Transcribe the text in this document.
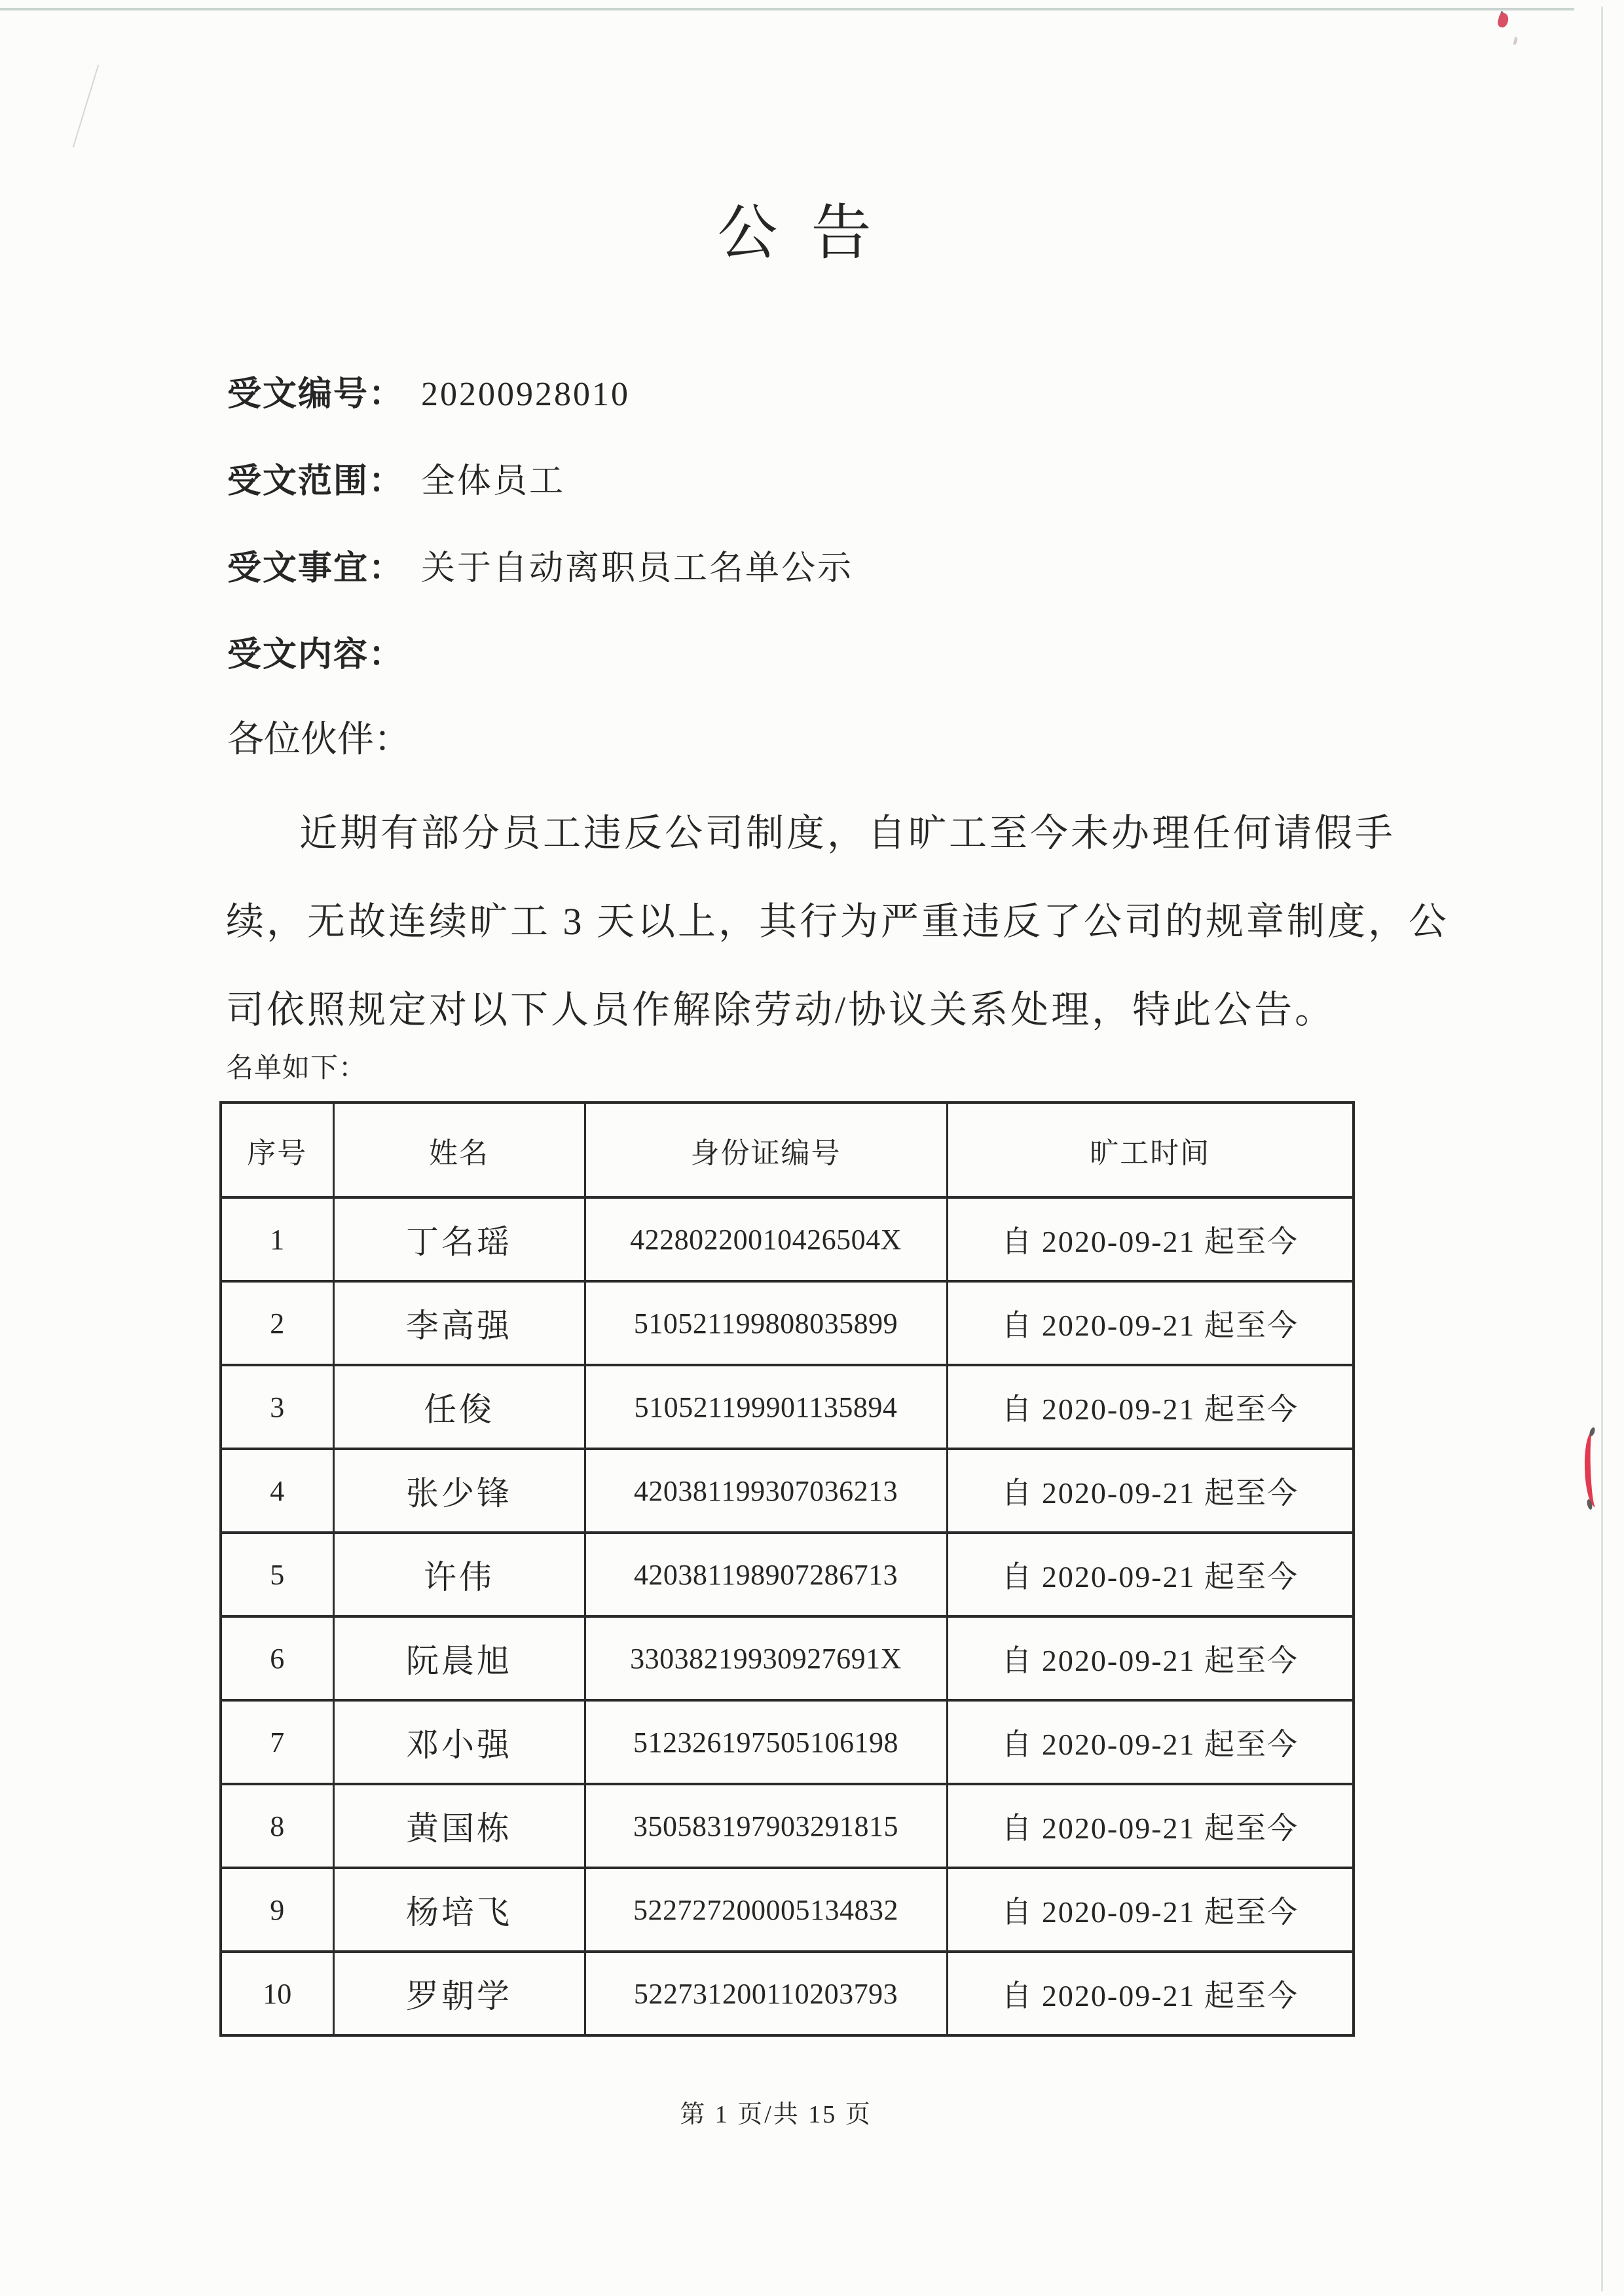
公 告
受文编号： 20200928010
受文范围： 全体员工
受文事宜： 关于自动离职员工名单公示
受文内容：
各位伙伴：

近期有部分员工违反公司制度，自旷工至今未办理任何请假手

续，无故连续旷工 3 天以上，其行为严重违反了公司的规章制度，公

司依照规定对以下人员作解除劳动/协议关系处理，特此公告。

名单如下：
序号	姓名	身份证编号	旷工时间
1	丁名瑶	42280220010426504X	自 2020-09-21 起至今
2	李高强	510521199808035899	自 2020-09-21 起至今
3	任俊	510521199901135894	自 2020-09-21 起至今
4	张少锋	420381199307036213	自 2020-09-21 起至今
5	许伟	420381198907286713	自 2020-09-21 起至今
6	阮晨旭	33038219930927691X	自 2020-09-21 起至今
7	邓小强	512326197505106198	自 2020-09-21 起至今
8	黄国栋	350583197903291815	自 2020-09-21 起至今
9	杨培飞	522727200005134832	自 2020-09-21 起至今
10	罗朝学	522731200110203793	自 2020-09-21 起至今
第 1 页/共 15 页
